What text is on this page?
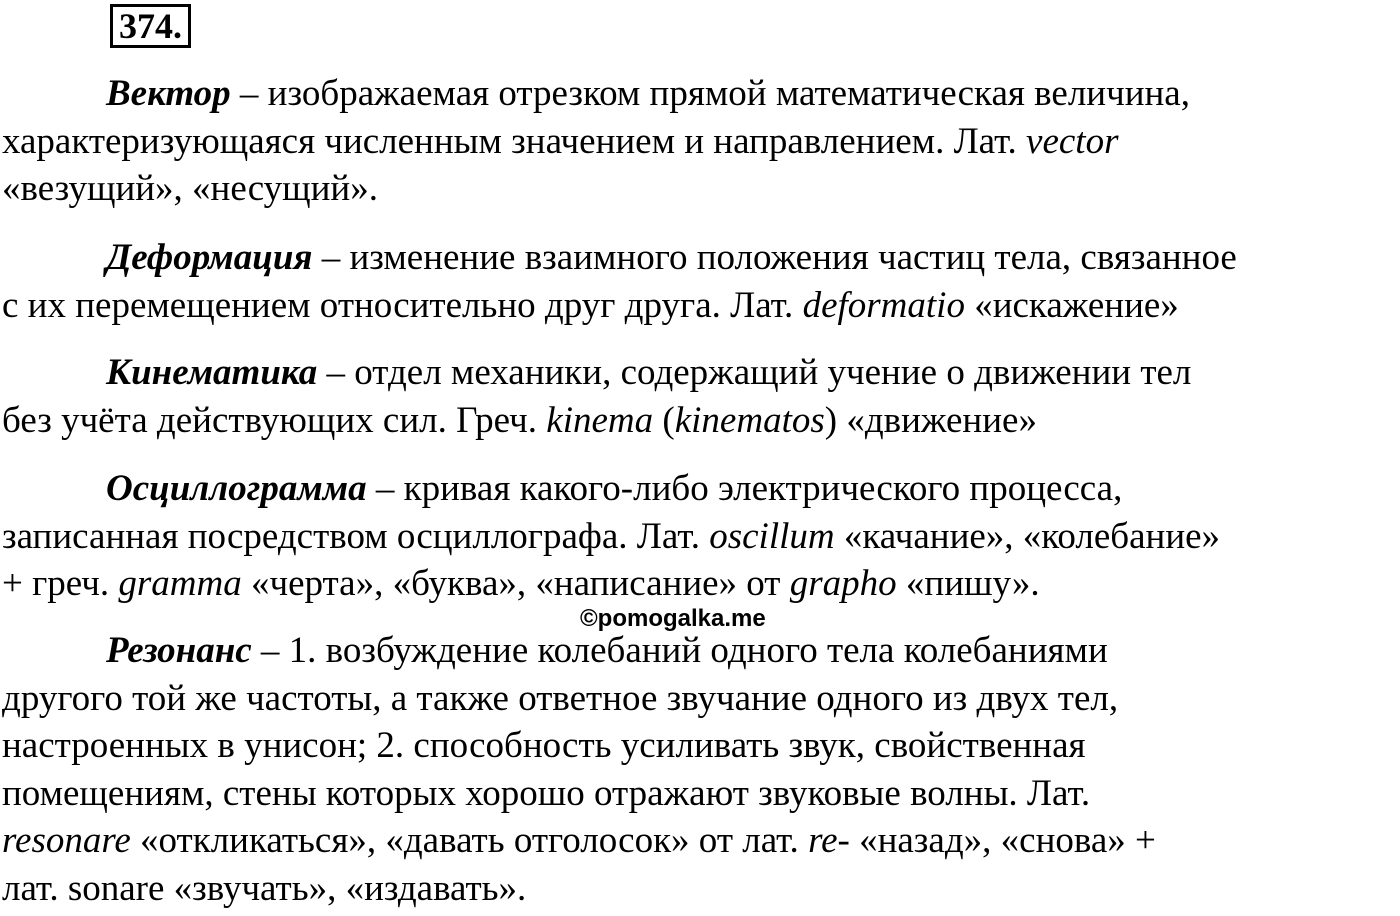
374.
Вектор – изображаемая отрезком прямой математическая величина,
характеризующаяся численным значением и направлением. Лат. vector
«везущий», «несущий».
Деформация – изменение взаимного положения частиц тела, связанное
с их перемещением относительно друг друга. Лат. deformatio «искажение»
Кинематика – отдел механики, содержащий учение о движении тел
без учёта действующих сил. Греч. kinema (kinematos) «движение»
Осциллограмма – кривая какого-либо электрического процесса,
записанная посредством осциллографа. Лат. oscillum «качание», «колебание»
+ греч. gramma «черта», «буква», «написание» от grapho «пишу».
Резонанс – 1. возбуждение колебаний одного тела колебаниями
другого той же частоты, а также ответное звучание одного из двух тел,
настроенных в унисон; 2. способность усиливать звук, свойственная
помещениям, стены которых хорошо отражают звуковые волны. Лат.
resonare «откликаться», «давать отголосок» от лат. re- «назад», «снова» +
лат. sonare «звучать», «издавать».
©pomogalka.me
